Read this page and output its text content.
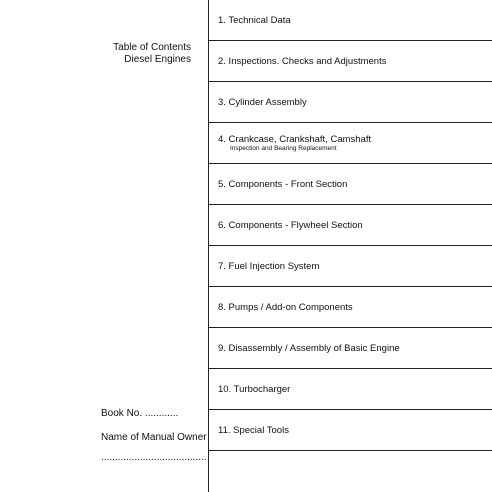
Table of Contents
Diesel Engines
Book No. ............
Name of Manual Owner
......................................
1. Technical Data
2. Inspections. Checks and Adjustments
3. Cylinder Assembly
4. Crankcase, Crankshaft, Camshaft
Inspection and Bearing Replacement
5. Components - Front Section
6. Components - Flywheel Section
7. Fuel Injection System
8. Pumps / Add-on Components
9. Disassembly / Assembly of Basic Engine
10. Turbocharger
11. Special Tools
